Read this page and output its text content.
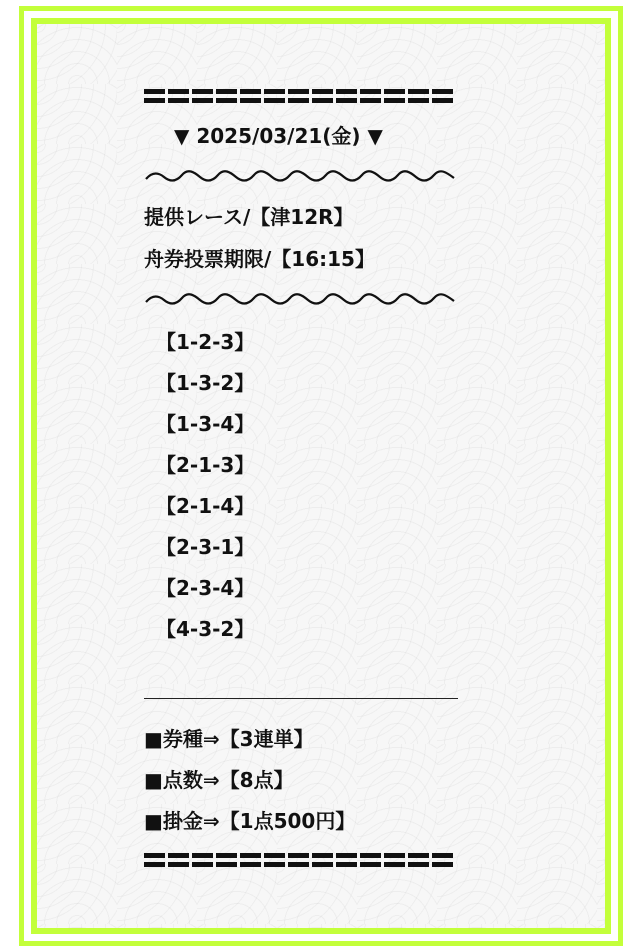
▼ 2025/03/21(金) ▼
提供レース/【津12R】
舟券投票期限/【16:15】
【1-2-3】
【1-3-2】
【1-3-4】
【2-1-3】
【2-1-4】
【2-3-1】
【2-3-4】
【4-3-2】
■券種⇒【3連単】
■点数⇒【8点】
■掛金⇒【1点500円】
